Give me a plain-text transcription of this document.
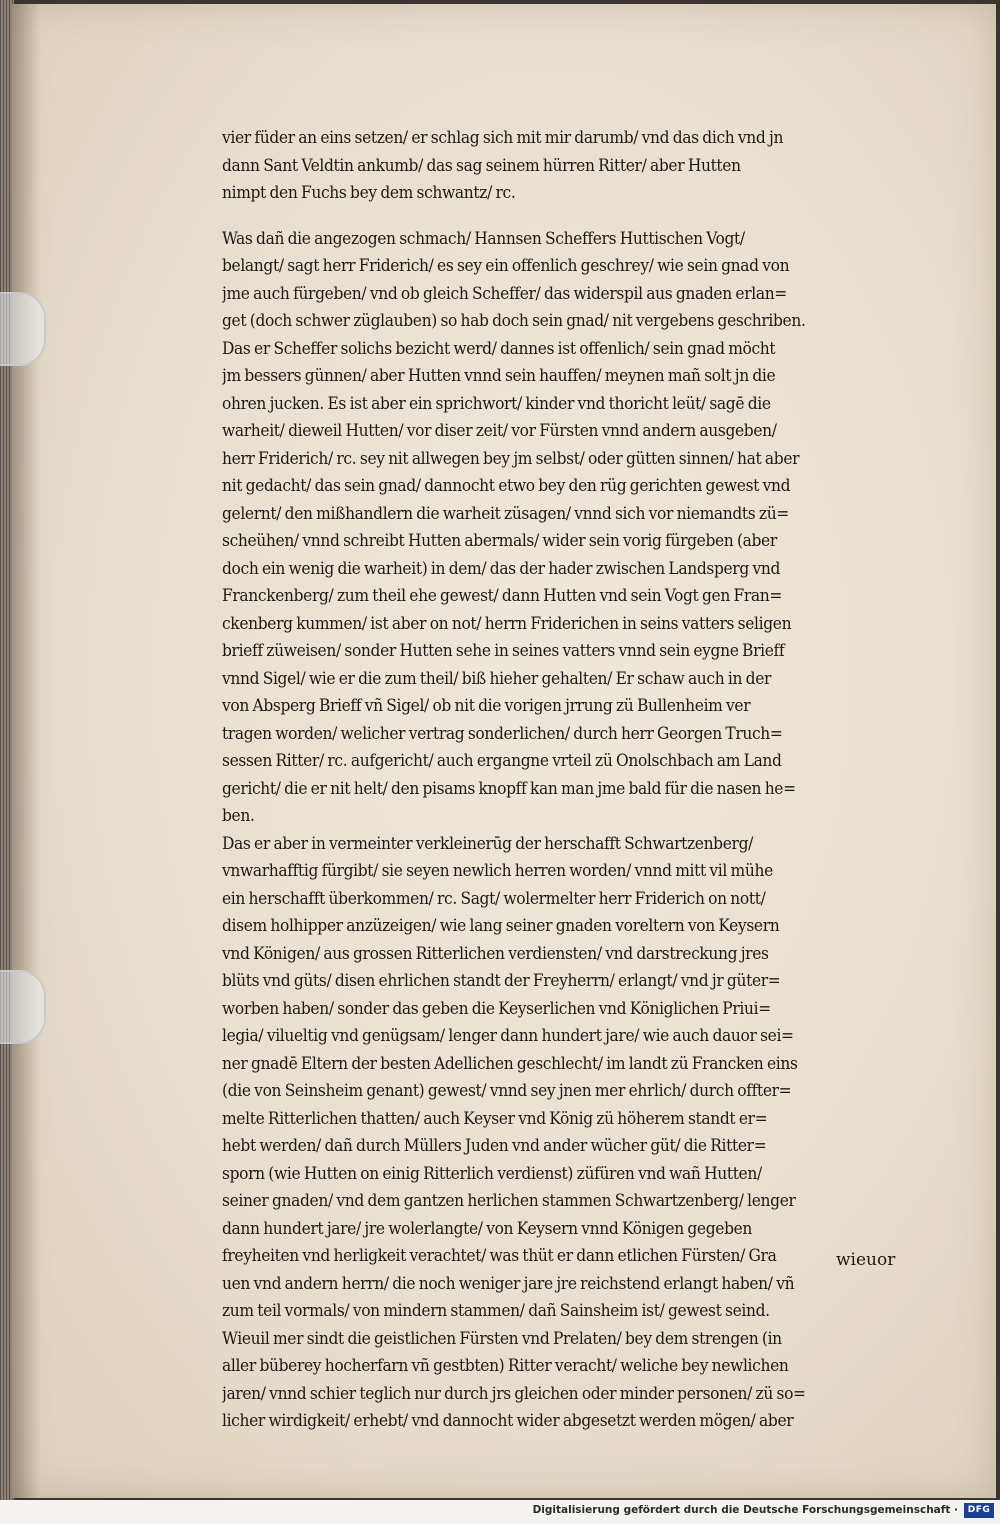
vier füder an eins setzen/ er schlag sich mit mir darumb/ vnd das dich vnd jn
dann Sant Veldtin ankumb/ das sag seinem hürren Ritter/ aber Hutten
nimpt den Fuchs bey dem schwantz/ rc.
Was dañ die angezogen schmach/ Hannsen Scheffers Huttischen Vogt/
belangt/ sagt herr Friderich/ es sey ein offenlich geschrey/ wie sein gnad von
jme auch fürgeben/ vnd ob gleich Scheffer/ das widerspil aus gnaden erlan=
get (doch schwer züglauben) so hab doch sein gnad/ nit vergebens geschriben.
Das er Scheffer solichs bezicht werd/ dannes ist offenlich/ sein gnad möcht
jm bessers günnen/ aber Hutten vnnd sein hauffen/ meynen mañ solt jn die
ohren jucken. Es ist aber ein sprichwort/ kinder vnd thoricht leüt/ sagē die
warheit/ dieweil Hutten/ vor diser zeit/ vor Fürsten vnnd andern ausgeben/
herr Friderich/ rc. sey nit allwegen bey jm selbst/ oder gütten sinnen/ hat aber
nit gedacht/ das sein gnad/ dannocht etwo bey den rüg gerichten gewest vnd
gelernt/ den mißhandlern die warheit züsagen/ vnnd sich vor niemandts zü=
scheühen/ vnnd schreibt Hutten abermals/ wider sein vorig fürgeben (aber
doch ein wenig die warheit) in dem/ das der hader zwischen Landsperg vnd
Franckenberg/ zum theil ehe gewest/ dann Hutten vnd sein Vogt gen Fran=
ckenberg kummen/ ist aber on not/ herrn Friderichen in seins vatters seligen
brieff züweisen/ sonder Hutten sehe in seines vatters vnnd sein eygne Brieff
vnnd Sigel/ wie er die zum theil/ biß hieher gehalten/ Er schaw auch in der
von Absperg Brieff vñ Sigel/ ob nit die vorigen jrrung zü Bullenheim ver
tragen worden/ welicher vertrag sonderlichen/ durch herr Georgen Truch=
sessen Ritter/ rc. aufgericht/ auch ergangne vrteil zü Onolschbach am Land
gericht/ die er nit helt/ den pisams knopff kan man jme bald für die nasen he=
ben.
Das er aber in vermeinter verkleinerūg der herschafft Schwartzenberg/
vnwarhafftig fürgibt/ sie seyen newlich herren worden/ vnnd mitt vil mühe
ein herschafft überkommen/ rc. Sagt/ wolermelter herr Friderich on nott/
disem holhipper anzüzeigen/ wie lang seiner gnaden voreltern von Keysern
vnd Königen/ aus grossen Ritterlichen verdiensten/ vnd darstreckung jres
blüts vnd güts/ disen ehrlichen standt der Freyherrn/ erlangt/ vnd jr güter=
worben haben/ sonder das geben die Keyserlichen vnd Königlichen Priui=
legia/ vilueltig vnd genügsam/ lenger dann hundert jare/ wie auch dauor sei=
ner gnadē Eltern der besten Adellichen geschlecht/ im landt zü Francken eins
(die von Seinsheim genant) gewest/ vnnd sey jnen mer ehrlich/ durch offter=
melte Ritterlichen thatten/ auch Keyser vnd König zü höherem standt er=
hebt werden/ dañ durch Müllers Juden vnd ander wücher güt/ die Ritter=
sporn (wie Hutten on einig Ritterlich verdienst) züfüren vnd wañ Hutten/
seiner gnaden/ vnd dem gantzen herlichen stammen Schwartzenberg/ lenger
dann hundert jare/ jre wolerlangte/ von Keysern vnnd Königen gegeben
freyheiten vnd herligkeit verachtet/ was thüt er dann etlichen Fürsten/ Gra
uen vnd andern herrn/ die noch weniger jare jre reichstend erlangt haben/ vñ
zum teil vormals/ von mindern stammen/ dañ Sainsheim ist/ gewest seind.
Wieuil mer sindt die geistlichen Fürsten vnd Prelaten/ bey dem strengen (in
aller büberey hocherfarn vñ gestbten) Ritter veracht/ weliche bey newlichen
jaren/ vnnd schier teglich nur durch jrs gleichen oder minder personen/ zü so=
licher wirdigkeit/ erhebt/ vnd dannocht wider abgesetzt werden mögen/ aber
wieuor
Digitalisierung gefördert durch die Deutsche Forschungsgemeinschaft ·	DFG
